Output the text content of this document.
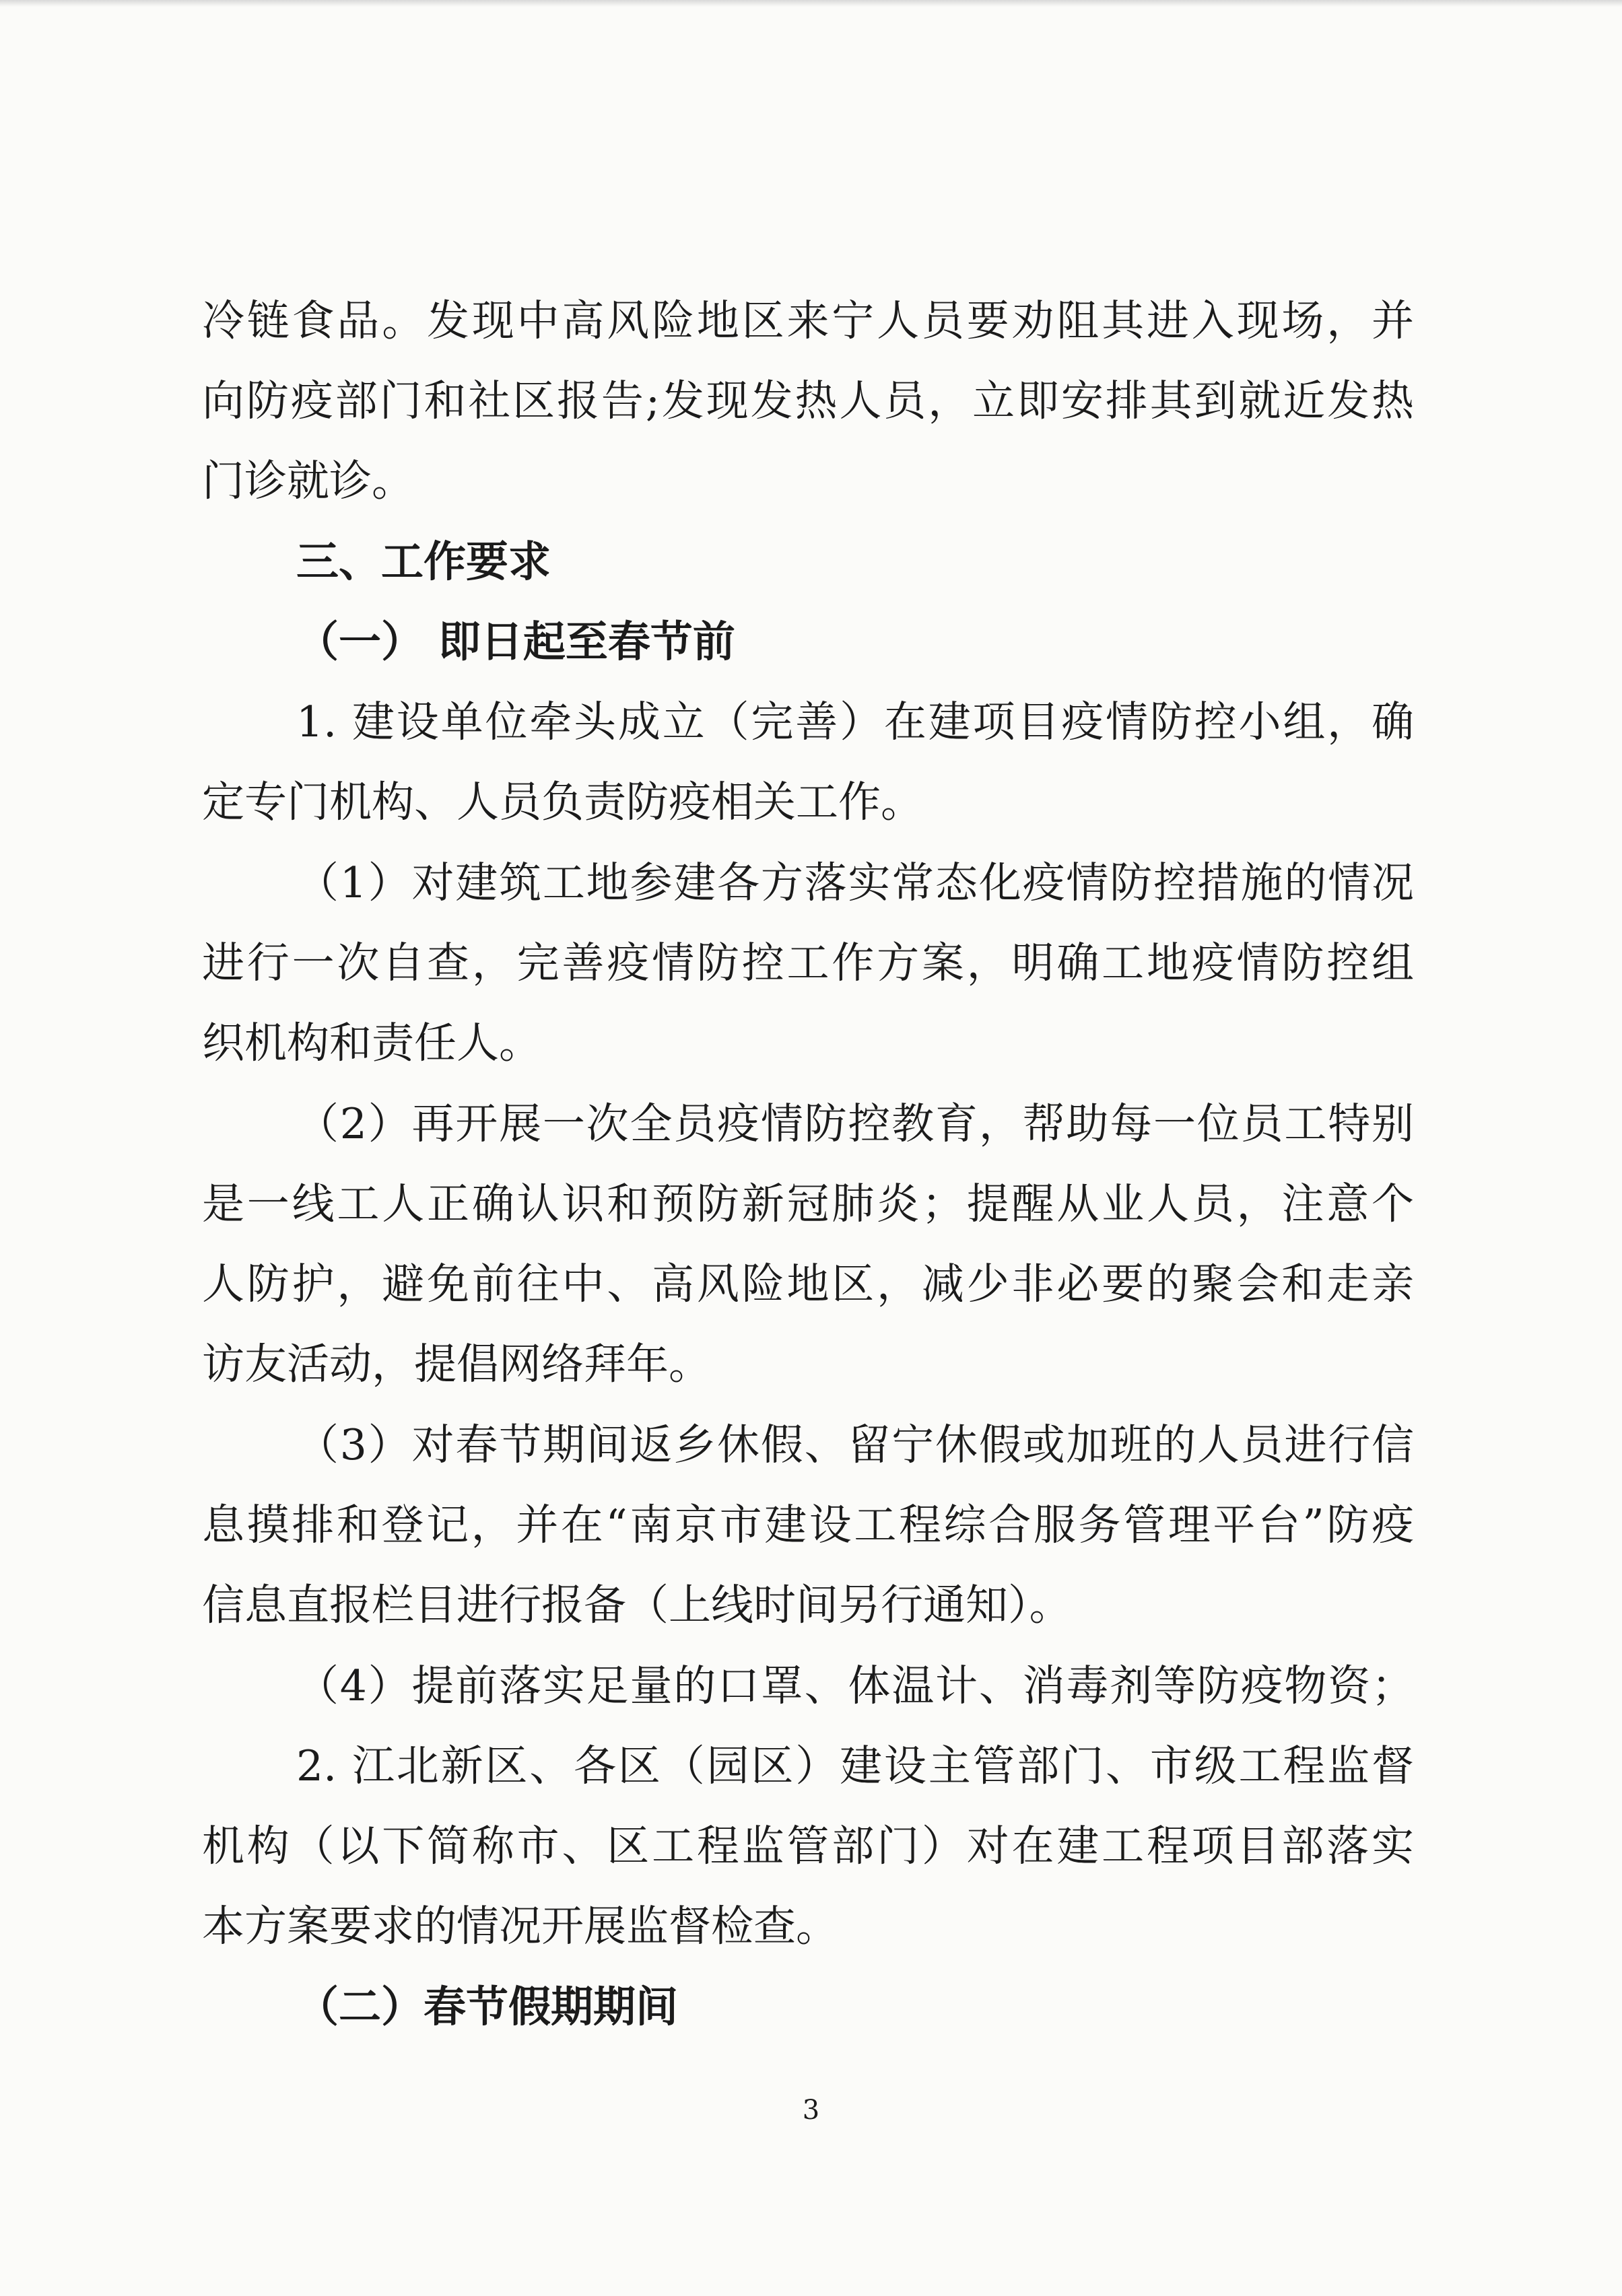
冷链食品。发现中高风险地区来宁人员要劝阻其进入现场，并
向防疫部门和社区报告;发现发热人员，立即安排其到就近发热
门诊就诊。
三、工作要求
（一） 即日起至春节前
1. 建设单位牵头成立（完善）在建项目疫情防控小组，确
定专门机构、人员负责防疫相关工作。
（1）对建筑工地参建各方落实常态化疫情防控措施的情况
进行一次自查，完善疫情防控工作方案，明确工地疫情防控组
织机构和责任人。
（2）再开展一次全员疫情防控教育，帮助每一位员工特别
是一线工人正确认识和预防新冠肺炎；提醒从业人员，注意个
人防护，避免前往中、高风险地区，减少非必要的聚会和走亲
访友活动，提倡网络拜年。
（3）对春节期间返乡休假、留宁休假或加班的人员进行信
息摸排和登记，并在“南京市建设工程综合服务管理平台”防疫
信息直报栏目进行报备（上线时间另行通知）。
（4）提前落实足量的口罩、体温计、消毒剂等防疫物资；
2. 江北新区、各区（园区）建设主管部门、市级工程监督
机构（以下简称市、区工程监管部门）对在建工程项目部落实
本方案要求的情况开展监督检查。
（二）春节假期期间
3
